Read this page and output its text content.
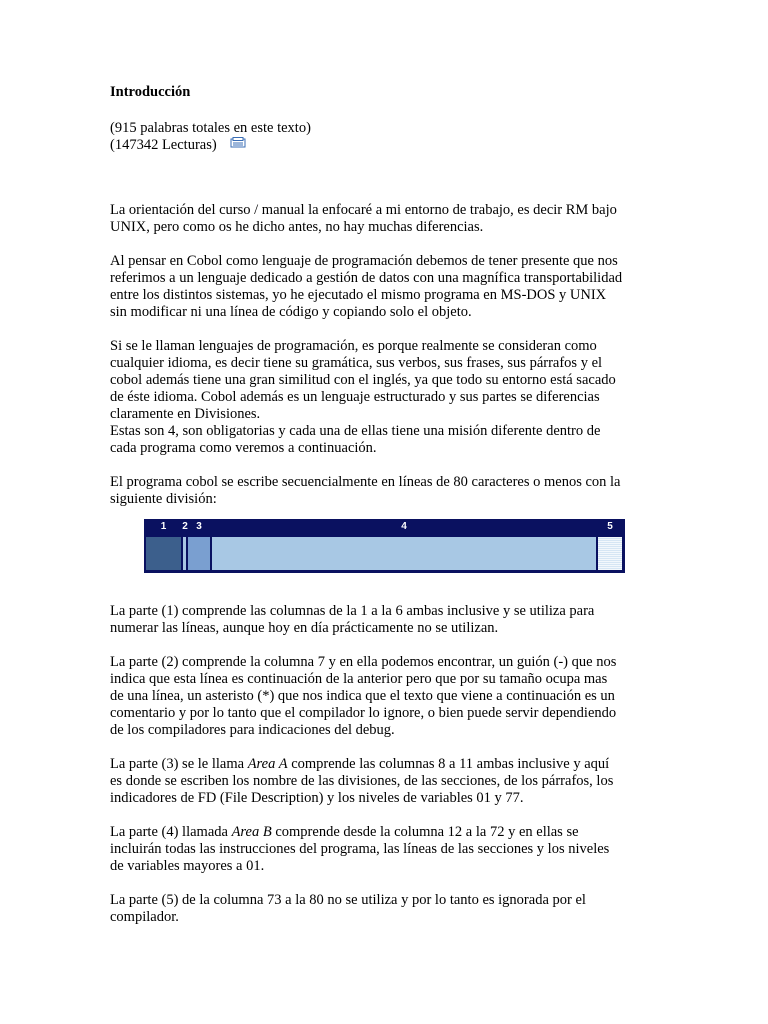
Introducción

(915 palabras totales en este texto)
(147342 Lecturas)
La orientación del curso / manual la enfocaré a mi entorno de trabajo, es decir RM bajo
UNIX, pero como os he dicho antes, no hay muchas diferencias.
Al pensar en Cobol como lenguaje de programación debemos de tener presente que nos
referimos a un lenguaje dedicado a gestión de datos con una magnífica transportabilidad
entre los distintos sistemas, yo he ejecutado el mismo programa en MS-DOS y UNIX
sin modificar ni una línea de código y copiando solo el objeto.
Si se le llaman lenguajes de programación, es porque realmente se consideran como
cualquier idioma, es decir tiene su gramática, sus verbos, sus frases, sus párrafos y el
cobol además tiene una gran similitud con el inglés, ya que todo su entorno está sacado
de éste idioma. Cobol además es un lenguaje estructurado y sus partes se diferencias
claramente en Divisiones.
Estas son 4, son obligatorias y cada una de ellas tiene una misión diferente dentro de
cada programa como veremos a continuación.
El programa cobol se escribe secuencialmente en líneas de 80 caracteres o menos con la
siguiente división:
1	2 3	4	5
La parte (1) comprende las columnas de la 1 a la 6 ambas inclusive y se utiliza para
numerar las líneas, aunque hoy en día prácticamente no se utilizan.
La parte (2) comprende la columna 7 y en ella podemos encontrar, un guión (-) que nos
indica que esta línea es continuación de la anterior pero que por su tamaño ocupa mas
de una línea, un asteristo (*) que nos indica que el texto que viene a continuación es un
comentario y por lo tanto que el compilador lo ignore, o bien puede servir dependiendo
de los compiladores para indicaciones del debug.
La parte (3) se le llama Area A comprende las columnas 8 a 11 ambas inclusive y aquí
es donde se escriben los nombre de las divisiones, de las secciones, de los párrafos, los
indicadores de FD (File Description) y los niveles de variables 01 y 77.
La parte (4) llamada Area B comprende desde la columna 12 a la 72 y en ellas se
incluirán todas las instrucciones del programa, las líneas de las secciones y los niveles
de variables mayores a 01.
La parte (5) de la columna 73 a la 80 no se utiliza y por lo tanto es ignorada por el
compilador.
